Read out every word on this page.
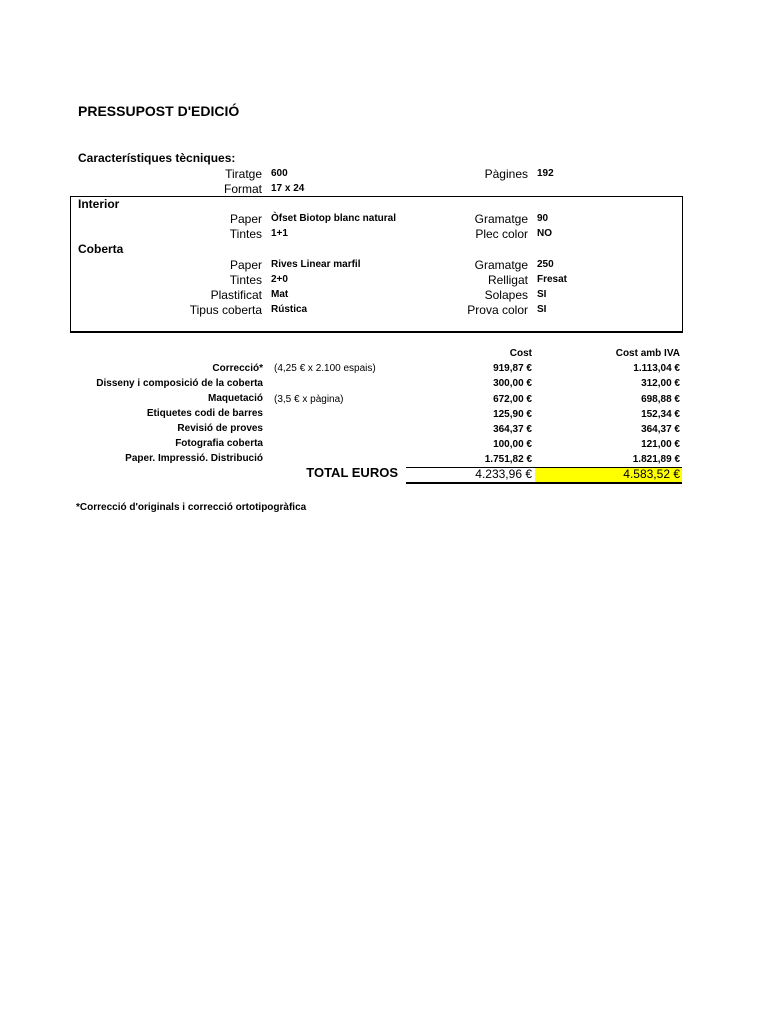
PRESSUPOST D'EDICIÓ
Característiques tècniques:
Tiratge 600	Pàgines 192
Format 17 x 24
Interior
Paper Òfset Biotop blanc natural	Gramatge 90
Tintes 1+1	Plec color NO
Coberta
Paper Rives Linear marfil	Gramatge 250
Tintes 2+0	Relligat Fresat
Plastificat Mat	Solapes SI
Tipus coberta Rústica	Prova color SI
Cost	Cost amb IVA
Correcció* (4,25 € x 2.100 espais)	919,87 €	1.113,04 €
Disseny i composició de la coberta	300,00 €	312,00 €
Maquetació (3,5 € x pàgina)	672,00 €	698,88 €
Etiquetes codi de barres	125,90 €	152,34 €
Revisió de proves	364,37 €	364,37 €
Fotografia coberta	100,00 €	121,00 €
Paper. Impressió. Distribució	1.751,82 €	1.821,89 €
TOTAL EUROS	4.233,96 €	4.583,52 €
*Correcció d'originals i correcció ortotipogràfica
